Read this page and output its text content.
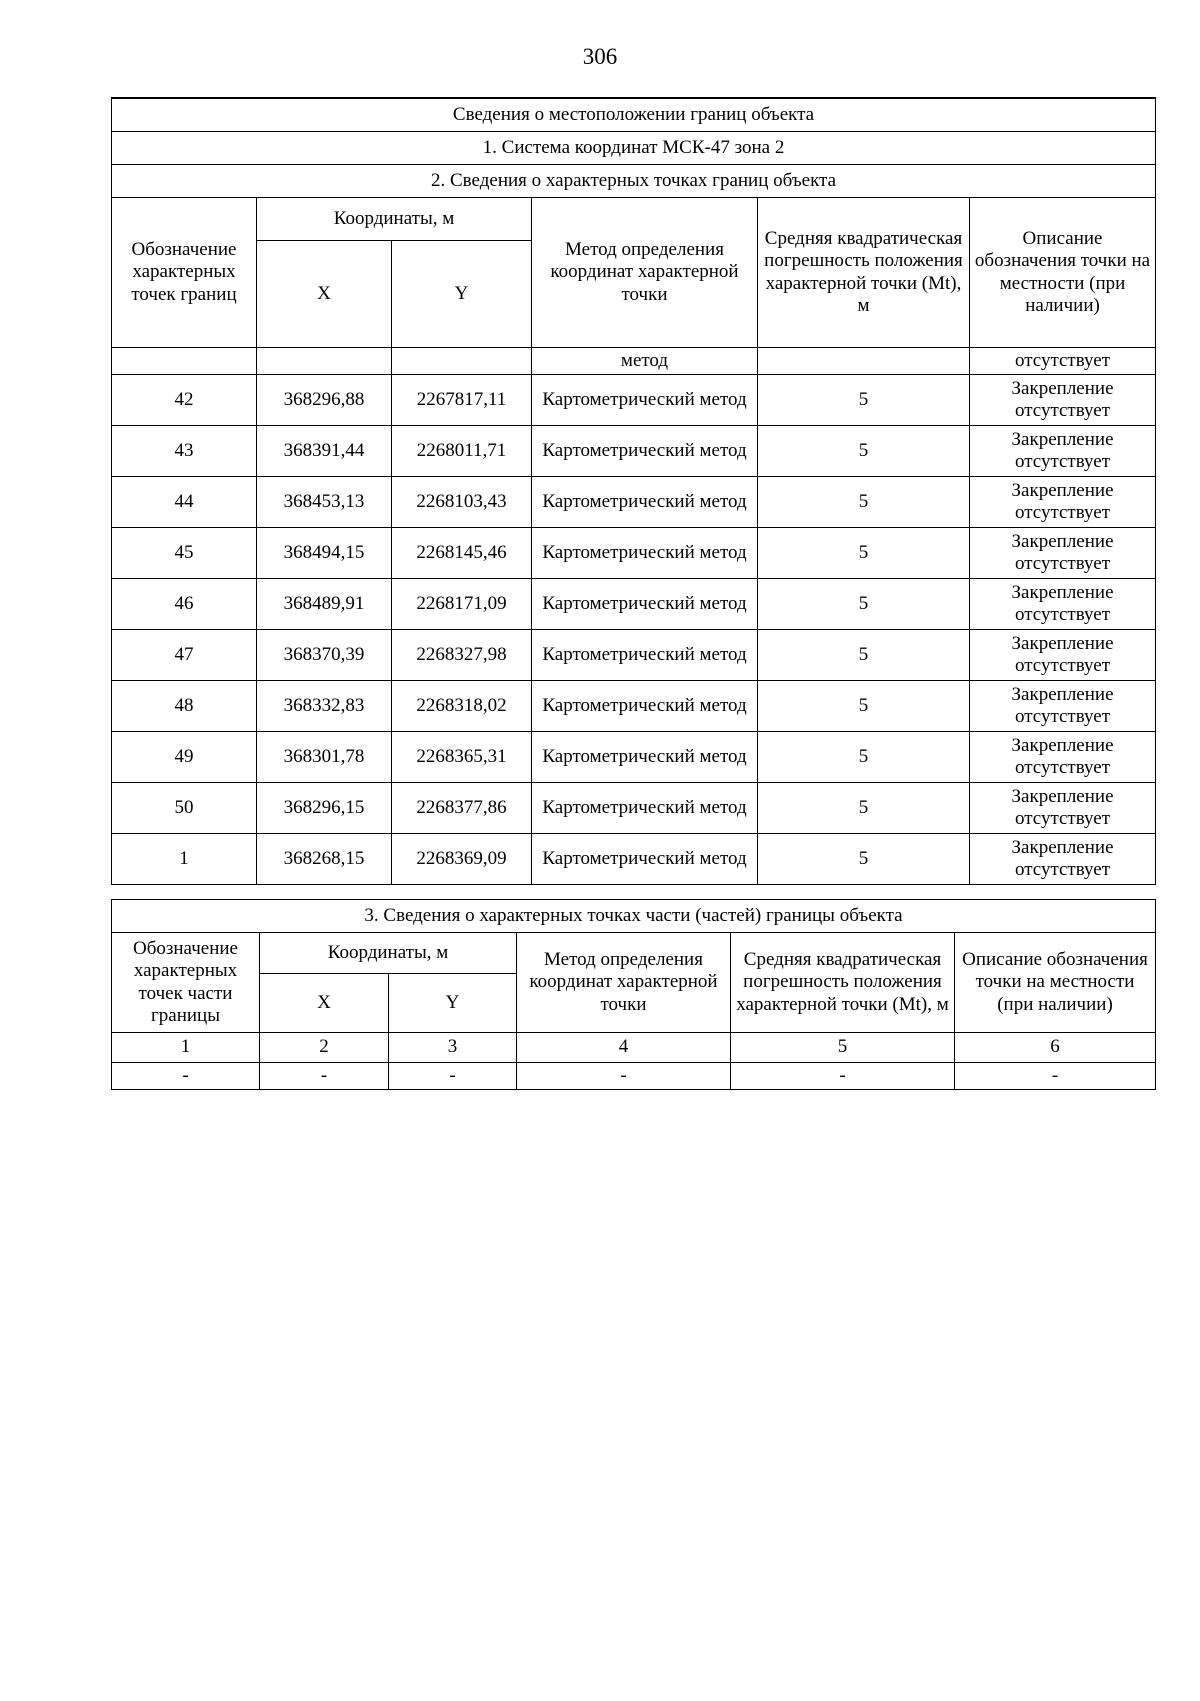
306
Сведения о местоположении границ объекта					
1. Система координат МСК-47 зона 2					
2. Сведения о характерных точках границ объекта					
Обозначение характерных точек границ	Координаты, м		Метод определения координат характерной точки	Средняя квадратическая погрешность положения характерной точки (Mt), м	Описание обозначения точки на местности (при наличии)
	X	Y			
			метод		отсутствует
42	368296,88	2267817,11	Картометрический метод	5	Закрепление отсутствует
43	368391,44	2268011,71	Картометрический метод	5	Закрепление отсутствует
44	368453,13	2268103,43	Картометрический метод	5	Закрепление отсутствует
45	368494,15	2268145,46	Картометрический метод	5	Закрепление отсутствует
46	368489,91	2268171,09	Картометрический метод	5	Закрепление отсутствует
47	368370,39	2268327,98	Картометрический метод	5	Закрепление отсутствует
48	368332,83	2268318,02	Картометрический метод	5	Закрепление отсутствует
49	368301,78	2268365,31	Картометрический метод	5	Закрепление отсутствует
50	368296,15	2268377,86	Картометрический метод	5	Закрепление отсутствует
1	368268,15	2268369,09	Картометрический метод	5	Закрепление отсутствует
3. Сведения о характерных точках части (частей) границы объекта					
Обозначение характерных точек части границы	Координаты, м		Метод определения координат характерной точки	Средняя квадратическая погрешность положения характерной точки (Mt), м	Описание обозначения точки на местности (при наличии)
	X	Y			
1	2	3	4	5	6
-	-	-	-	-	-
